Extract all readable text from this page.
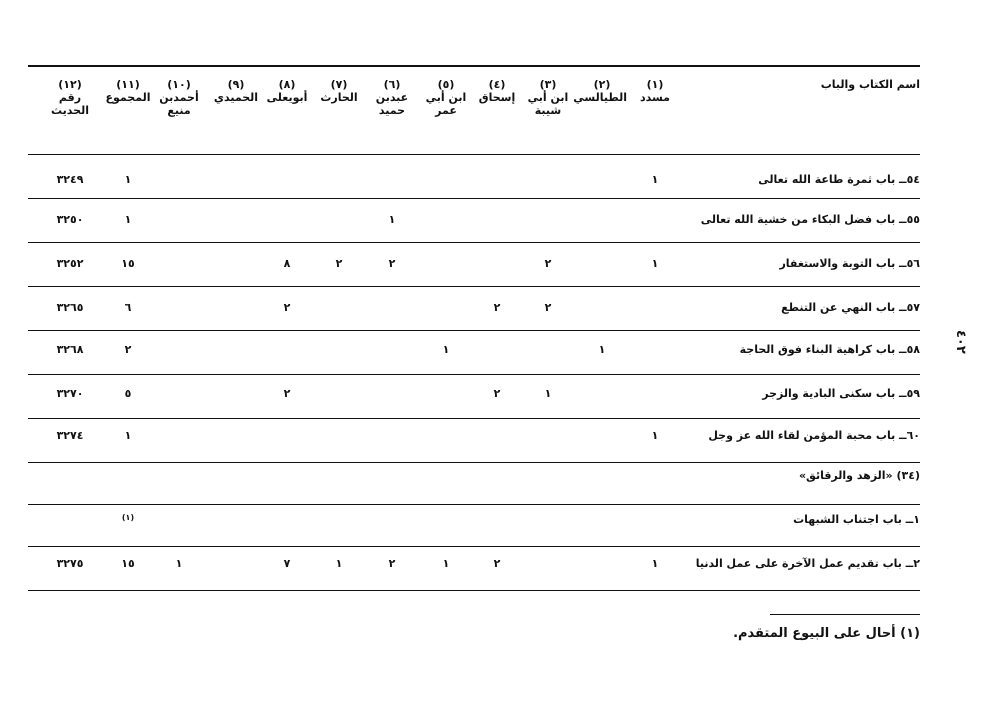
٤٠٢
اسم الكتاب والباب
(١)
مسدد
(٢)
الطيالسي
(٣)
ابن أبي شيبة
(٤)
إسحاق
(٥)
ابن أبي عمر
(٦)
عبدبن حميد
(٧)
الحارث
(٨)
أبويعلى
(٩)
الحميدي
(١٠)
أحمدبن منيع
(١١)
المجموع
(١٢)
رقم الحديث
٥٤ــ باب ثمرة طاعة الله تعالى
١
١
٣٢٤٩
٥٥ــ باب فضل البكاء من خشية الله تعالى
١
١
٣٢٥٠
٥٦ــ باب التوبة والاستغفار
١
٢
٢
٢
٨
١٥
٣٢٥٢
٥٧ــ باب النهي عن التنطع
٢
٢
٢
٦
٣٢٦٥
٥٨ــ باب كراهية البناء فوق الحاجة
١
١
٢
٣٢٦٨
٥٩ــ باب سكنى البادية والزجر
١
٢
٢
٥
٣٢٧٠
٦٠ــ باب محبة المؤمن لقاء الله عز وجل
١
١
٣٢٧٤
(٣٤) «الزهد والرقائق»
١ــ باب اجتناب الشبهات
(١)
٢ــ باب تقديم عمل الآخرة على عمل الدنيا
١
٢
١
٢
١
٧
١
١٥
٣٢٧٥
(١) أحال على البيوع المتقدم.
